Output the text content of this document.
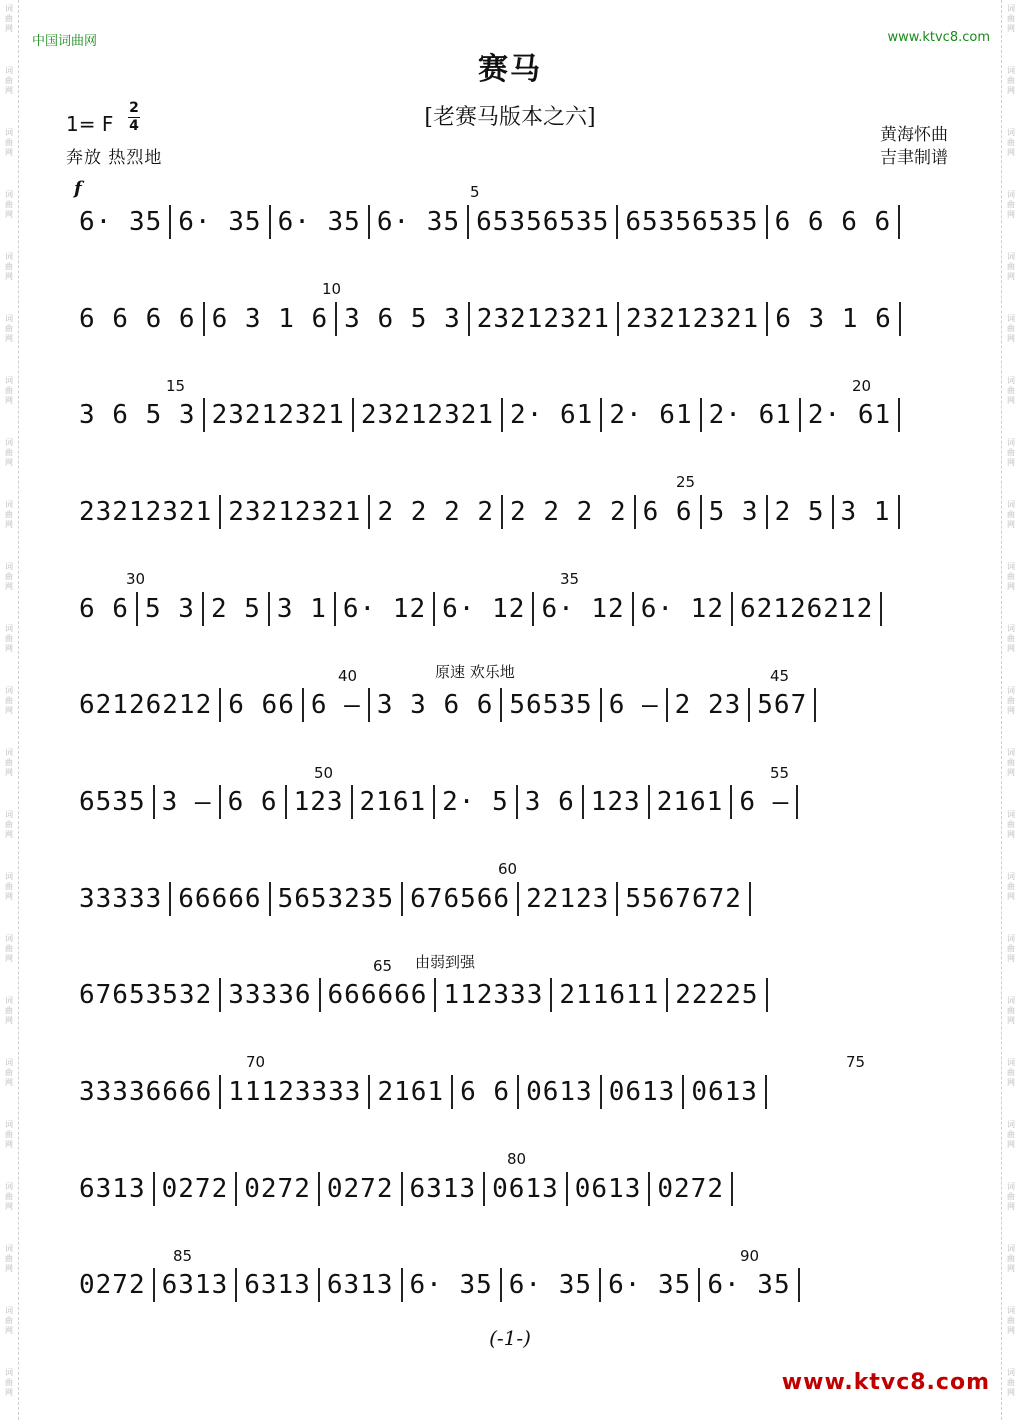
词曲网
词曲网
词曲网
词曲网
词曲网
词曲网
词曲网
词曲网
词曲网
词曲网
词曲网
词曲网
词曲网
词曲网
词曲网
词曲网
词曲网
词曲网
词曲网
词曲网
词曲网
词曲网
词曲网
词曲网
词曲网
词曲网
词曲网
词曲网
词曲网
词曲网
词曲网
词曲网
词曲网
词曲网
词曲网
词曲网
词曲网
词曲网
词曲网
词曲网
词曲网
词曲网
词曲网
词曲网
词曲网
词曲网
中国词曲网	www.ktvc8.com
赛马
1= F
2
4
奔放 热烈地
[老赛马版本之六]
黄海怀曲
吉聿制谱
6· 35 6· 35 6· 35 6· 35 65356535 65356535 6 6 6 6
6 6 6 6 6 3 1 6 3 6 5 3 23212321 23212321 6 3 1 6
3 6 5 3 23212321 23212321 2· 61 2· 61 2· 61 2· 61
23212321 23212321 2 2 2 2 2 2 2 2 6 6 5 3 2 5 3 1
6 6 5 3 2 5 3 1 6· 12 6· 12 6· 12 6· 12 62126212
62126212 6 66 6 – 3 3 6 6 56535 6 – 2 23 567
6535 3 – 6 6 123 2161 2· 5 3 6 123 2161 6 –
33333 66666 5653235 676566 22123 5567672
67653532 33336 666666 112333 211611 22225
33336666 11123333 2161 6 6 0613 0613 0613
6313 0272 0272 0272 6313 0613 0613 0272
0272 6313 6313 6313 6· 35 6· 35 6· 35 6· 35
f
原速 欢乐地
由弱到强
(-1-)
www.ktvc8.com
5
10
15	20
25
30	35
40	45
50	55
60
65
70	75
80
85	90
